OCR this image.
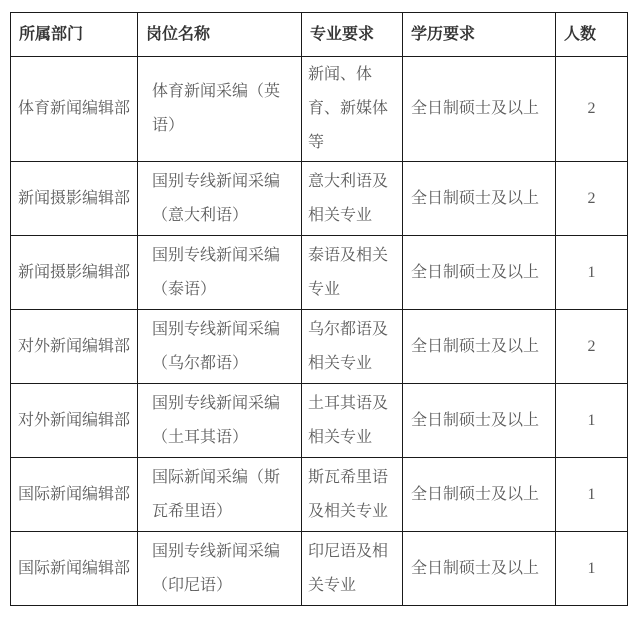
所属部门	岗位名称	专业要求	学历要求	人数
体育新闻编辑部	体育新闻采编（英语）	新闻、体育、新媒体等	全日制硕士及以上	2
新闻摄影编辑部	国别专线新闻采编（意大利语）	意大利语及相关专业	全日制硕士及以上	2
新闻摄影编辑部	国别专线新闻采编（泰语）	泰语及相关专业	全日制硕士及以上	1
对外新闻编辑部	国别专线新闻采编（乌尔都语）	乌尔都语及相关专业	全日制硕士及以上	2
对外新闻编辑部	国别专线新闻采编（土耳其语）	土耳其语及相关专业	全日制硕士及以上	1
国际新闻编辑部	国际新闻采编（斯瓦希里语）	斯瓦希里语及相关专业	全日制硕士及以上	1
国际新闻编辑部	国别专线新闻采编（印尼语）	印尼语及相关专业	全日制硕士及以上	1
